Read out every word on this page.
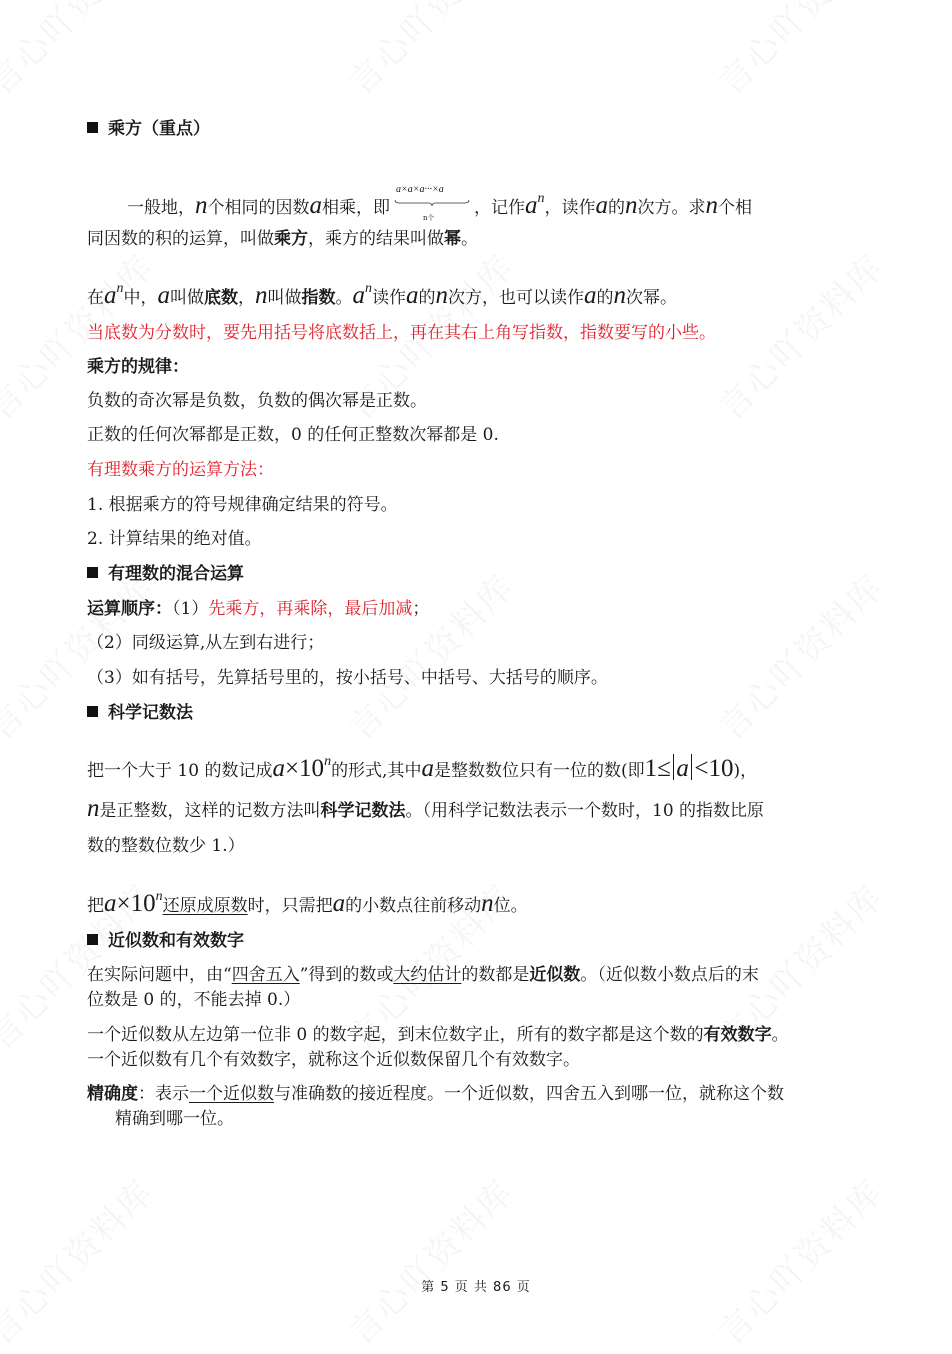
乘方（重点）
一般地，n个相同的因数a相乘，即
a×a×a···×a
n个 ，记作$a^n$，读作a的n次方。求n个相
同因数的积的运算，叫做乘方，乘方的结果叫做幂。
在$a^n$中，a叫做底数，n叫做指数。$a^n$读作a的n次方，也可以读作a的n次幂。
当底数为分数时，要先用括号将底数括上，再在其右上角写指数，指数要写的小些。
乘方的规律：
负数的奇次幂是负数，负数的偶次幂是正数。
正数的任何次幂都是正数，0 的任何正整数次幂都是 0.
有理数乘方的运算方法：
1. 根据乘方的符号规律确定结果的符号。
2. 计算结果的绝对值。
有理数的混合运算
运算顺序：（1）先乘方，再乘除，最后加减；
（2）同级运算,从左到右进行；
（3）如有括号，先算括号里的，按小括号、中括号、大括号的顺序。
科学记数法
把一个大于 10 的数记成$a\times 10^n$的形式,其中a是整数数位只有一位的数(即1≤ a <10)，
n是正整数，这样的记数方法叫科学记数法。（用科学记数法表示一个数时，10 的指数比原
数的整数位数少 1.）
把$a\times 10^n$还原成原数时，只需把a的小数点往前移动n位。
近似数和有效数字
在实际问题中，由“四舍五入”得到的数或大约估计的数都是近似数。（近似数小数点后的末
位数是 0 的，不能去掉 0.）
一个近似数从左边第一位非 0 的数字起，到末位数字止，所有的数字都是这个数的有效数字。
一个近似数有几个有效数字，就称这个近似数保留几个有效数字。
精确度：表示一个近似数与准确数的接近程度。一个近似数，四舍五入到哪一位，就称这个数
精确到哪一位。
第 5 页 共 86 页
